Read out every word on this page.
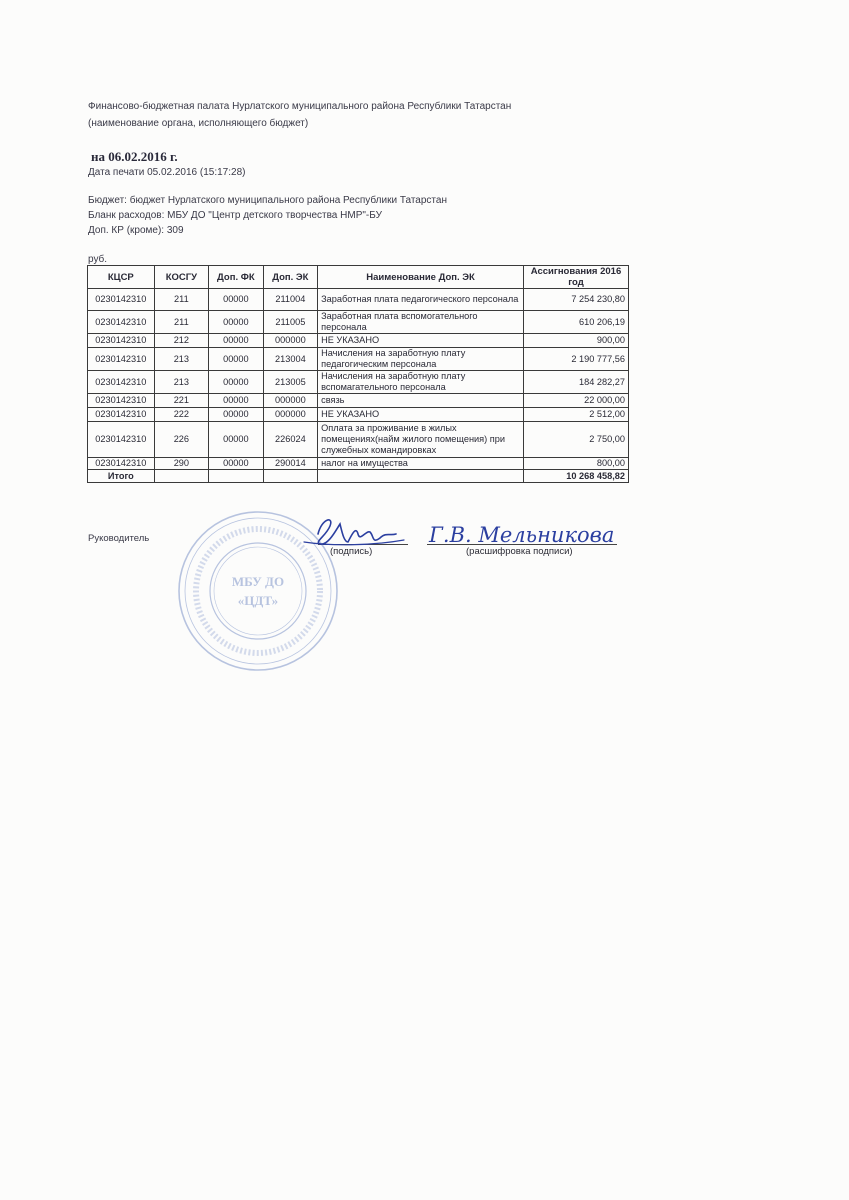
Финансово-бюджетная палата Нурлатского муниципального района Республики Татарстан
(наименование органа, исполняющего бюджет)
на 06.02.2016 г.
Дата печати 05.02.2016 (15:17:28)
Бюджет: бюджет Нурлатского муниципального района Республики Татарстан
Бланк расходов: МБУ ДО "Центр детского творчества НМР"-БУ
Доп. КР (кроме): 309
руб.
КЦСР	КОСГУ	Доп. ФК	Доп. ЭК	Наименование Доп. ЭК	Ассигнования 2016 год
0230142310	211	00000	211004	Заработная плата педагогического персонала	7 254 230,80
0230142310	211	00000	211005	Заработная плата вспомогательного персонала	610 206,19
0230142310	212	00000	000000	НЕ УКАЗАНО	900,00
0230142310	213	00000	213004	Начисления на заработную плату педагогическим персонала	2 190 777,56
0230142310	213	00000	213005	Начисления на заработную плату вспомагательного персонала	184 282,27
0230142310	221	00000	000000	связь	22 000,00
0230142310	222	00000	000000	НЕ УКАЗАНО	2 512,00
0230142310	226	00000	226024	Оплата за проживание в жилых помещениях(найм жилого помещения) при служебных командировках	2 750,00
0230142310	290	00000	290014	налог на имущества	800,00
Итого					10 268 458,82
Руководитель
(подпись)	(расшифровка подписи)
МБУ ДО
«ЦДТ»
Г.В. Мельникова
